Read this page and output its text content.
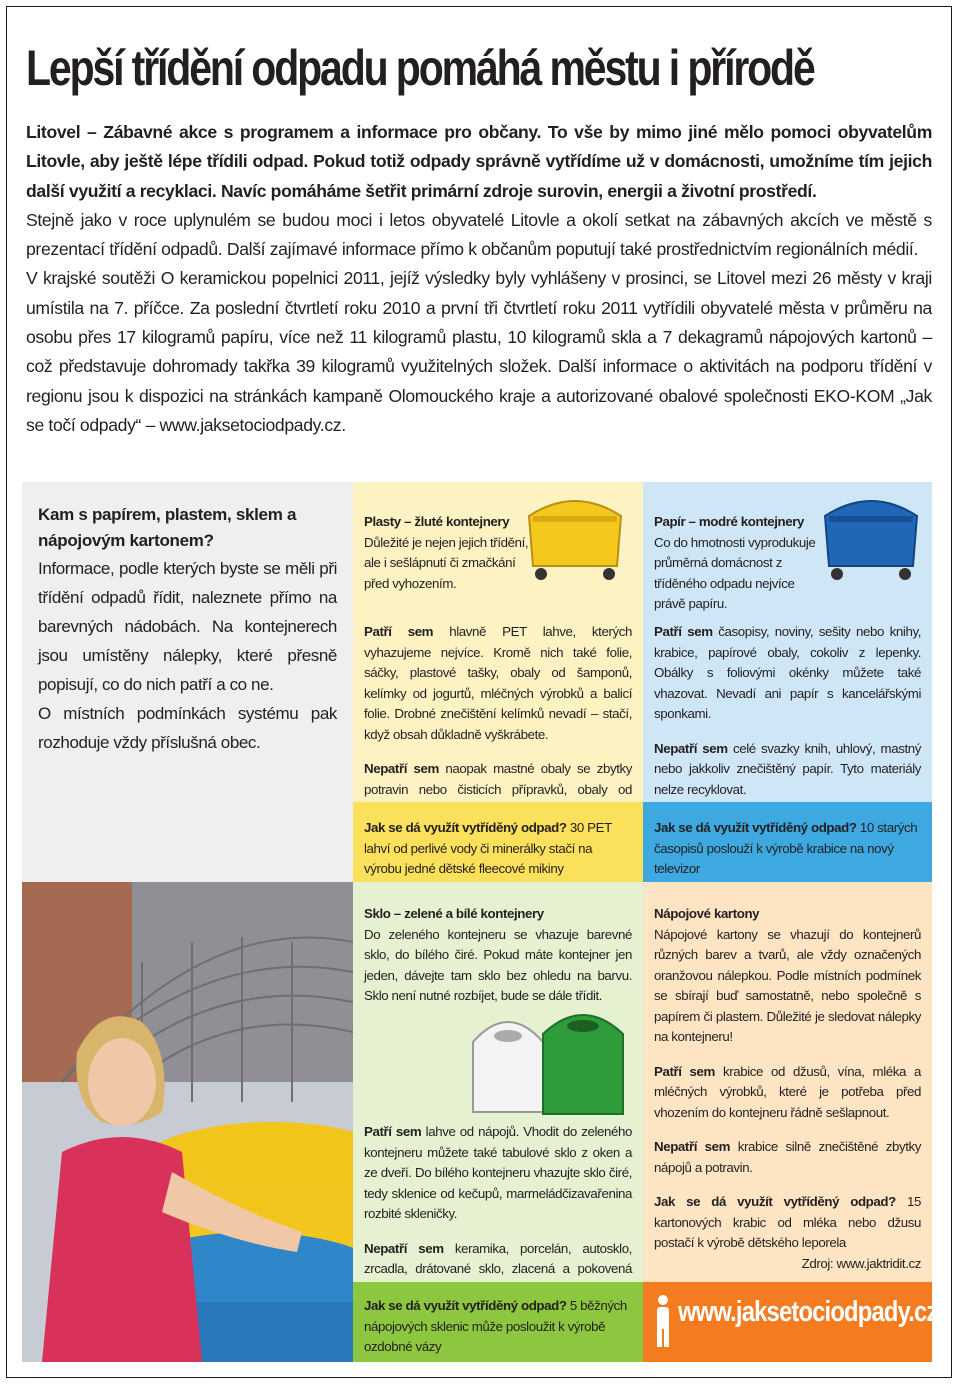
Lepší třídění odpadu pomáhá městu i přírodě

Litovel – Zábavné akce s programem a informace pro občany. To vše by mimo jiné mělo pomoci obyvatelům Litovle, aby ještě lépe třídili odpad. Pokud totiž odpady správně vytřídíme už v domácnosti, umožníme tím jejich další využití a recyklaci. Navíc pomáháme šetřit primární zdroje surovin, energii a životní prostředí.

Stejně jako v roce uplynulém se budou moci i letos obyvatelé Litovle a okolí setkat na zábavných akcích ve městě s prezentací třídění odpadů. Další zajímavé informace přímo k občanům poputují také prostřednictvím regionálních médií.

V krajské soutěži O keramickou popelnici 2011, jejíž výsledky byly vyhlášeny v prosinci, se Litovel mezi 26 městy v kraji umístila na 7. příčce. Za poslední čtvrtletí roku 2010 a první tři čtvrtletí roku 2011 vytřídili obyvatelé města v průměru na osobu přes 17 kilogramů papíru, více než 11 kilogramů plastu, 10 kilogramů skla a 7 dekagramů nápojových kartonů – což představuje dohromady takřka 39 kilogramů využitelných složek. Další informace o aktivitách na podporu třídění v regionu jsou k dispozici na stránkách kampaně Olomouckého kraje a autorizované obalové společnosti EKO-KOM „Jak se točí odpady“ – www.jaksetociodpady.cz.

Kam s papírem, plastem, sklem a nápojovým kartonem?

Informace, podle kterých byste se měli při třídění odpadů řídit, naleznete přímo na barevných nádobách. Na kontejnerech jsou umístěny nálepky, které přesně popisují, co do nich patří a co ne.

O místních podmínkách systému pak rozhoduje vždy příslušná obec.

Plasty – žluté kontejnery

Důležité je nejen jejich třídění, ale i sešlápnutí či zmačkání před vyhozením.

Patří sem hlavně PET lahve, kterých vyhazujeme nejvíce. Kromě nich také folie, sáčky, plastové tašky, obaly od šamponů, kelímky od jogurtů, mléčných výrobků a balicí folie. Drobné znečištění kelímků nevadí – stačí, když obsah důkladně vyškrábete.

Nepatří sem naopak mastné obaly se zbytky potravin nebo čisticích přípravků, obaly od

Jak se dá využít vytříděný odpad? 30 PET lahví od perlivé vody či minerálky stačí na výrobu jedné dětské fleecové mikiny

Papír – modré kontejnery

Co do hmotnosti vyprodukuje průměrná domácnost z tříděného odpadu nejvíce právě papíru.

Patří sem časopisy, noviny, sešity nebo knihy, krabice, papírové obaly, cokoliv z lepenky. Obálky s foliovými okénky můžete také vhazovat. Nevadí ani papír s kancelářskými sponkami.

Nepatří sem celé svazky knih, uhlový, mastný nebo jakkoliv znečištěný papír. Tyto materiály nelze recyklovat.

Jak se dá využít vytříděný odpad? 10 starých časopisů poslouží k výrobě krabice na nový televizor

Sklo – zelené a bílé kontejnery

Do zeleného kontejneru se vhazuje barevné sklo, do bílého čiré. Pokud máte kontejner jen jeden, dávejte tam sklo bez ohledu na barvu. Sklo není nutné rozbíjet, bude se dále třídit.

Patří sem lahve od nápojů. Vhodit do zeleného kontejneru můžete také tabulové sklo z oken a ze dveří. Do bílého kontejneru vhazujte sklo čiré, tedy sklenice od kečupů, marmeládčizavařenina rozbité skleničky.

Nepatří sem keramika, porcelán, autosklo, zrcadla, drátované sklo, zlacená a pokovená

Jak se dá využít vytříděný odpad? 5 běžných nápojových sklenic může posloužit k výrobě ozdobné vázy

Nápojové kartony

Nápojové kartony se vhazují do kontejnerů různých barev a tvarů, ale vždy označených oranžovou nálepkou. Podle místních podmínek se sbírají buď samostatně, nebo společně s papírem či plastem. Důležité je sledovat nálepky na kontejneru!

Patří sem krabice od džusů, vína, mléka a mléčných výrobků, které je potřeba před vhozením do kontejneru řádně sešlapnout.

Nepatří sem krabice silně znečištěné zbytky nápojů a potravin.

Jak se dá využít vytříděný odpad? 15 kartonových krabic od mléka nebo džusu postačí k výrobě dětského leporela

Zdroj: www.jaktridit.cz

www.jaksetociodpady.cz
